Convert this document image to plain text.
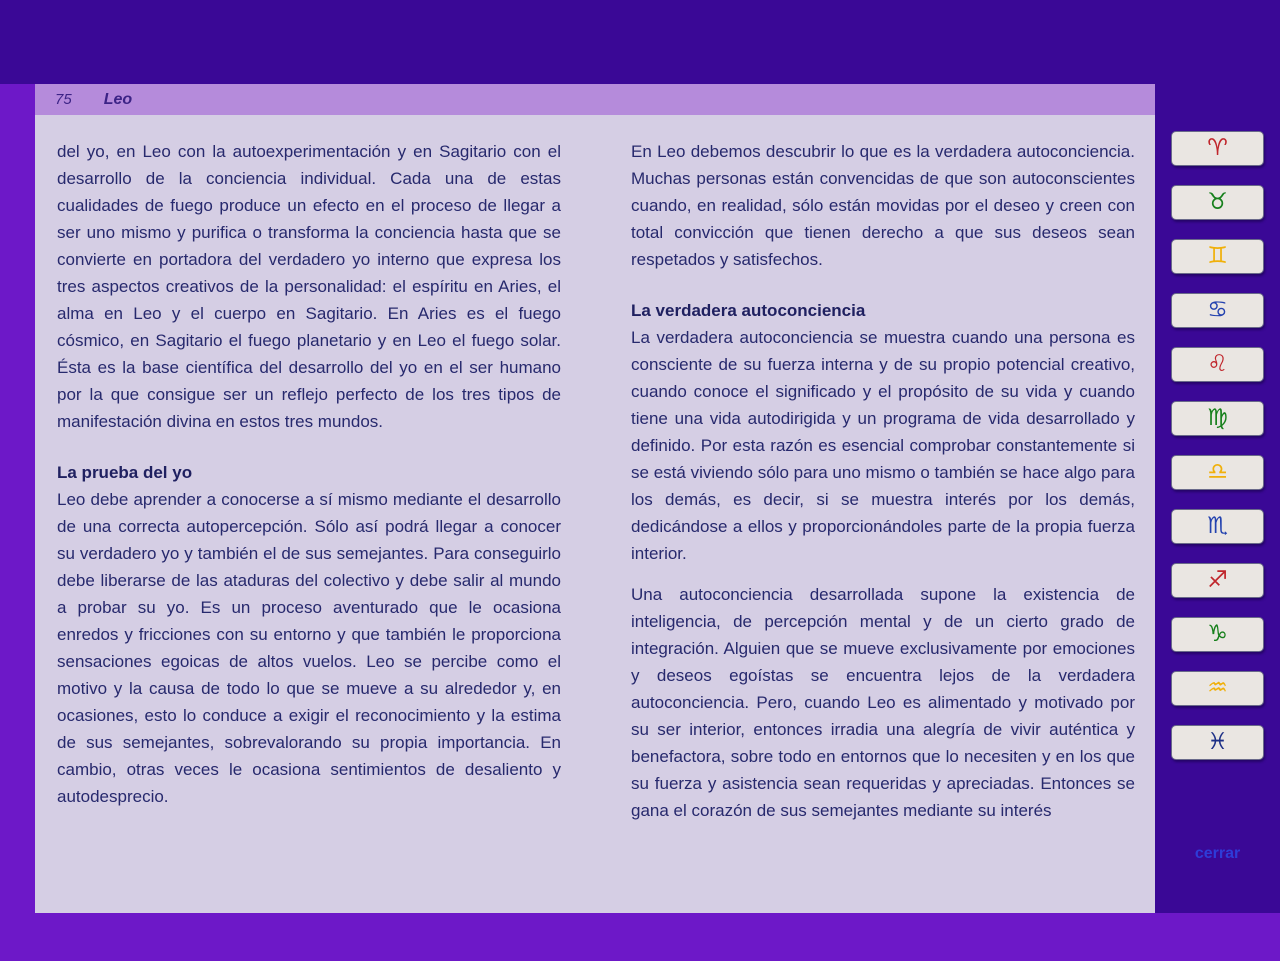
75 Leo

del yo, en Leo con la autoexperimentación y en Sagitario con el desarrollo de la conciencia individual. Cada una de estas cualidades de fuego produce un efecto en el proceso de llegar a ser uno mismo y purifica o transforma la conciencia hasta que se convierte en portadora del verdadero yo interno que expresa los tres aspectos creativos de la personalidad: el espíritu en Aries, el alma en Leo y el cuerpo en Sagitario. En Aries es el fuego cósmico, en Sagitario el fuego planetario y en Leo el fuego solar. Ésta es la base científica del desarrollo del yo en el ser humano por la que consigue ser un reflejo perfecto de los tres tipos de manifestación divina en estos tres mundos.

La prueba del yo

Leo debe aprender a conocerse a sí mismo mediante el desarrollo de una correcta autopercepción. Sólo así podrá llegar a conocer su verdadero yo y también el de sus semejantes. Para conseguirlo debe liberarse de las ataduras del colectivo y debe salir al mundo a probar su yo. Es un proceso aventurado que le ocasiona enredos y fricciones con su entorno y que también le proporciona sensaciones egoicas de altos vuelos. Leo se percibe como el motivo y la causa de todo lo que se mueve a su alrededor y, en ocasiones, esto lo conduce a exigir el reconocimiento y la estima de sus semejantes, sobrevalorando su propia importancia. En cambio, otras veces le ocasiona sentimientos de desaliento y autodesprecio.

En Leo debemos descubrir lo que es la verdadera autoconciencia. Muchas personas están convencidas de que son autoconscientes cuando, en realidad, sólo están movidas por el deseo y creen con total convicción que tienen derecho a que sus deseos sean respetados y satisfechos.

La verdadera autoconciencia

La verdadera autoconciencia se muestra cuando una persona es consciente de su fuerza interna y de su propio potencial creativo, cuando conoce el significado y el propósito de su vida y cuando tiene una vida autodirigida y un programa de vida desarrollado y definido. Por esta razón es esencial comprobar constantemente si se está viviendo sólo para uno mismo o también se hace algo para los demás, es decir, si se muestra interés por los demás, dedicándose a ellos y proporcionándoles parte de la propia fuerza interior.

Una autoconciencia desarrollada supone la existencia de inteligencia, de percepción mental y de un cierto grado de integración. Alguien que se mueve exclusivamente por emociones y deseos egoístas se encuentra lejos de la verdadera autoconciencia. Pero, cuando Leo es alimentado y motivado por su ser interior, entonces irradia una alegría de vivir auténtica y benefactora, sobre todo en entornos que lo necesiten y en los que su fuerza y asistencia sean requeridas y apreciadas. Entonces se gana el corazón de sus semejantes mediante su interés

♈
♉
♊
♋
♌
♍
♎
♏
♐
♑
♒
♓
cerrar
